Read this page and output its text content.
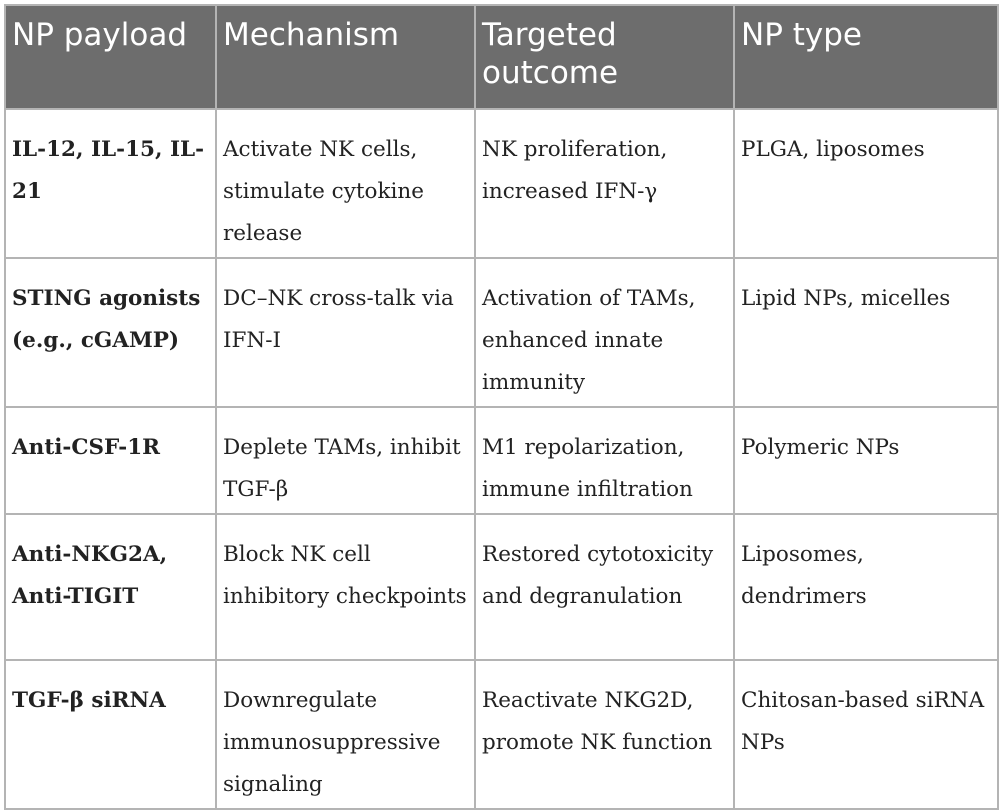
NP payload	Mechanism	Targeted outcome	NP type
IL-12, IL-15, IL-21	Activate NK cells, stimulate cytokine release	NK proliferation, increased IFN-γ	PLGA, liposomes
STING agonists (e.g., cGAMP)	DC–NK cross-talk via IFN-I	Activation of TAMs, enhanced innate immunity	Lipid NPs, micelles
Anti-CSF-1R	Deplete TAMs, inhibit TGF-β	M1 repolarization, immune infiltration	Polymeric NPs
Anti-NKG2A, Anti-TIGIT	Block NK cell inhibitory checkpoints	Restored cytotoxicity and degranulation	Liposomes, dendrimers
TGF-β siRNA	Downregulate immunosuppressive signaling	Reactivate NKG2D, promote NK function	Chitosan-based siRNA NPs
